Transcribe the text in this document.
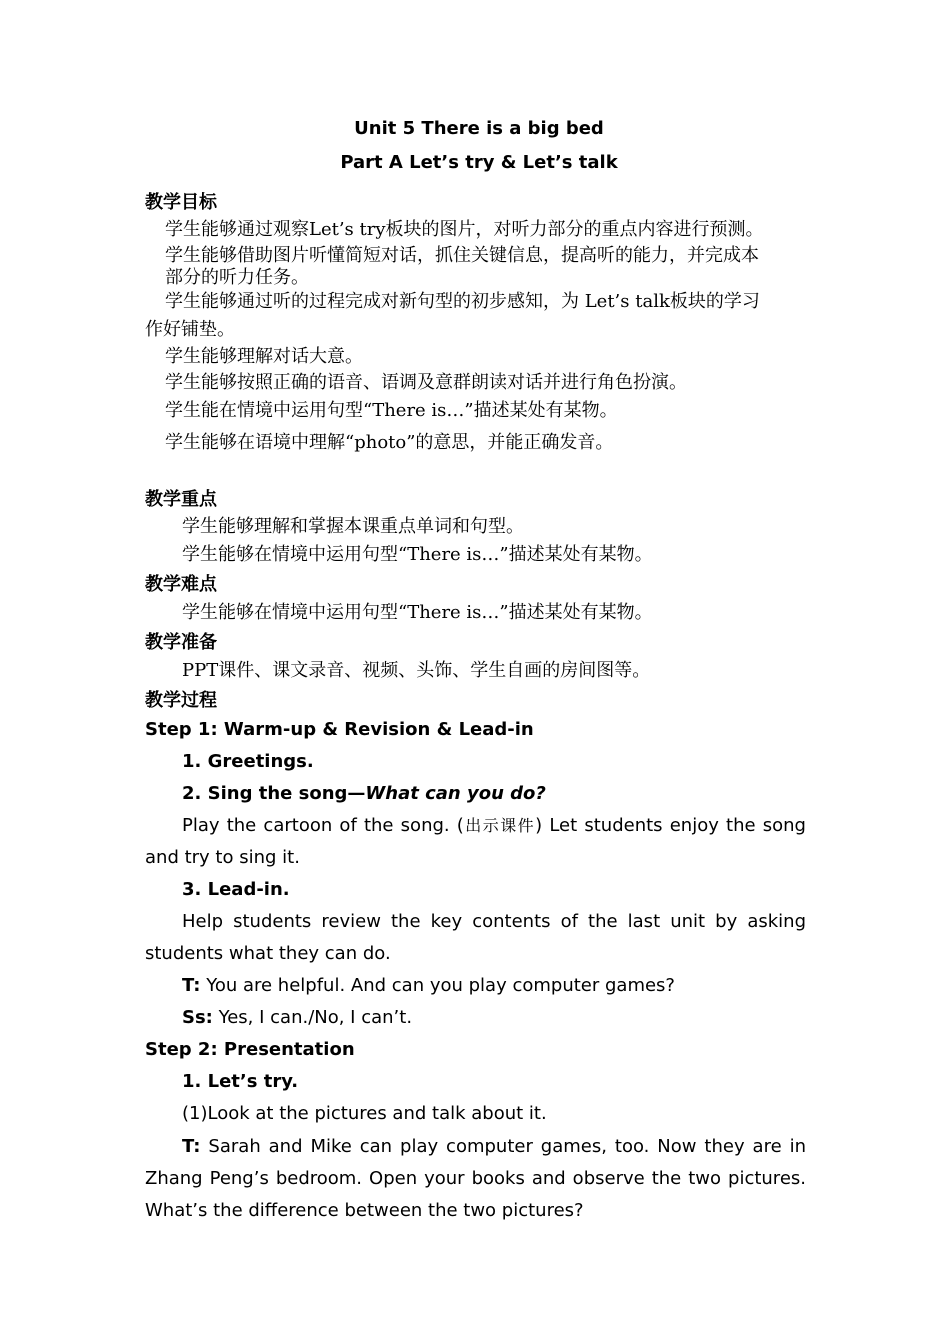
Unit 5 There is a big bed
Part A Let’s try & Let’s talk
教学目标
学生能够通过观察Let’s try板块的图片，对听力部分的重点内容进行预测。
学生能够借助图片听懂简短对话，抓住关键信息，提高听的能力，并完成本
部分的听力任务。
学生能够通过听的过程完成对新句型的初步感知，为 Let’s talk板块的学习
作好铺垫。
学生能够理解对话大意。
学生能够按照正确的语音、语调及意群朗读对话并进行角色扮演。
学生能在情境中运用句型“There is…”描述某处有某物。
学生能够在语境中理解“photo”的意思，并能正确发音。
教学重点
学生能够理解和掌握本课重点单词和句型。
学生能够在情境中运用句型“There is…”描述某处有某物。
教学难点
学生能够在情境中运用句型“There is…”描述某处有某物。
教学准备
PPT课件、课文录音、视频、头饰、学生自画的房间图等。
教学过程
Step 1: Warm-up & Revision & Lead-in
1. Greetings.
2. Sing the song—What can you do?
Play the cartoon of the song. (出示课件) Let students enjoy the song
and try to sing it.
3. Lead-in.
Help students review the key contents of the last unit by asking
students what they can do.
T: You are helpful. And can you play computer games?
Ss: Yes, I can./No, I can’t.
Step 2: Presentation
1. Let’s try.
(1)Look at the pictures and talk about it.
T: Sarah and Mike can play computer games, too. Now they are in
Zhang Peng’s bedroom. Open your books and observe the two pictures.
What’s the difference between the two pictures?
